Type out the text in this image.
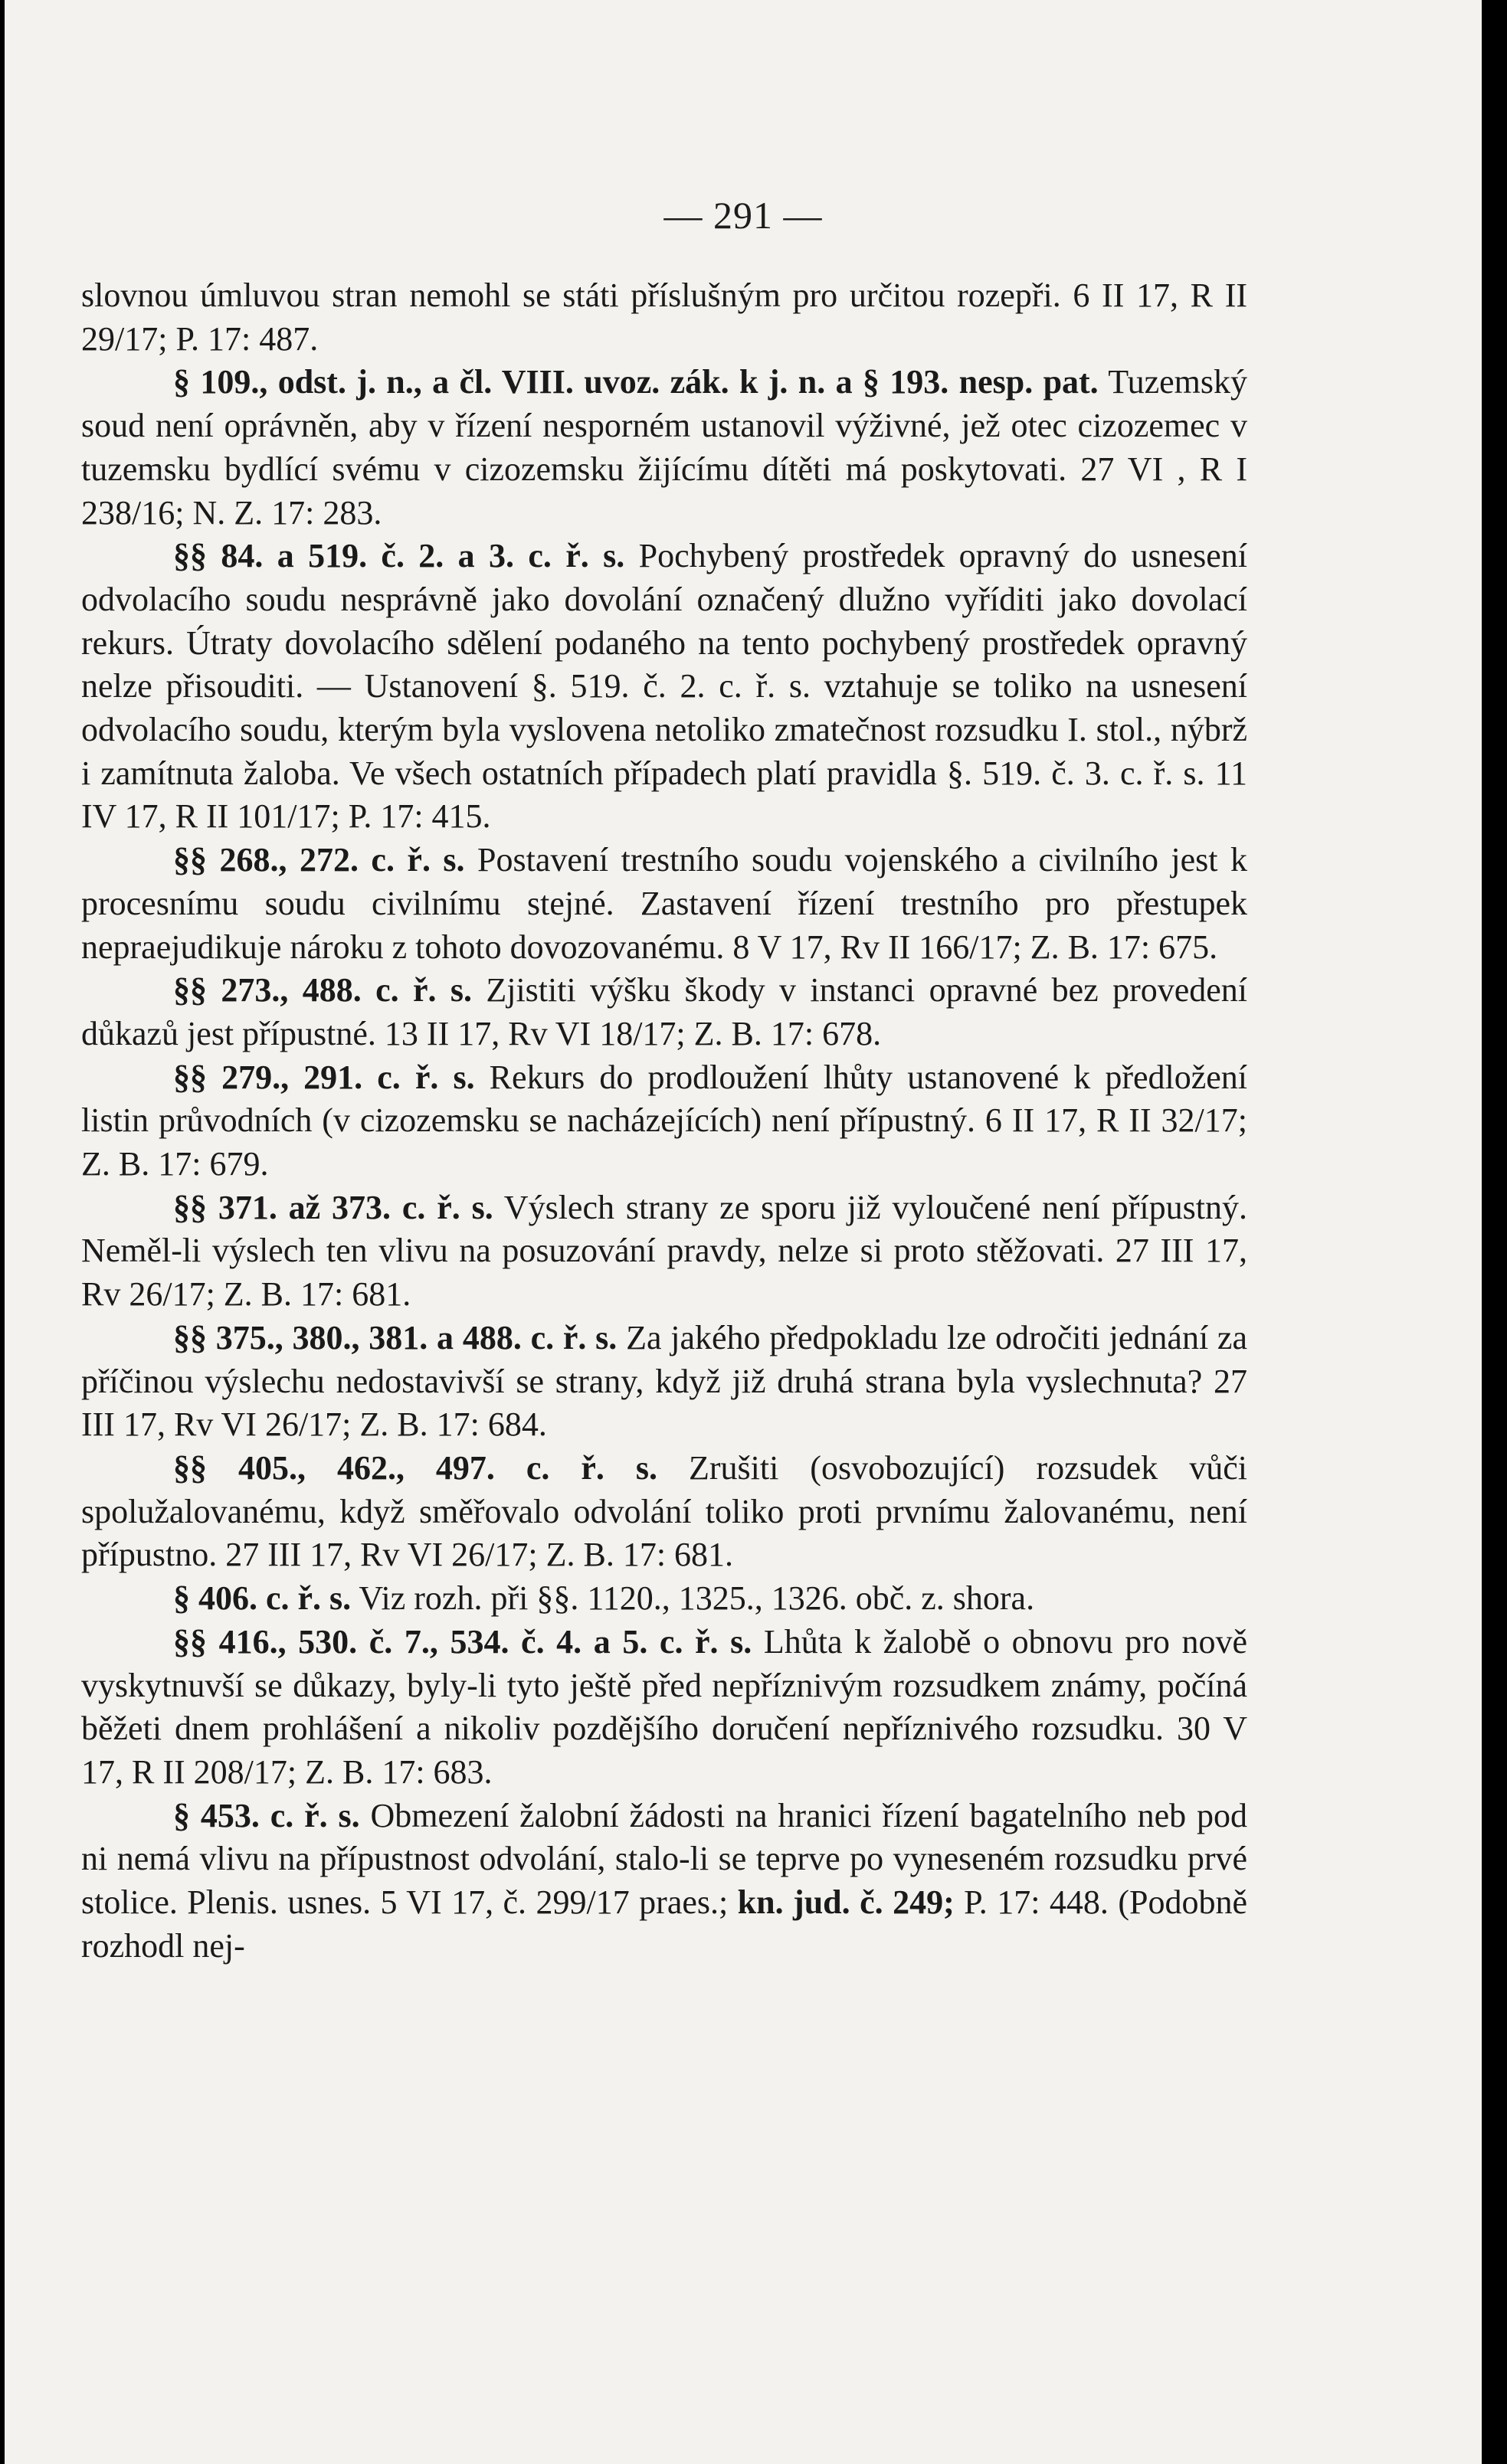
— 291 —

slovnou úmluvou stran nemohl se státi příslušným pro určitou rozepři. 6 II 17, R II 29/17; P. 17: 487.

§ 109., odst. j. n., a čl. VIII. uvoz. zák. k j. n. a § 193. nesp. pat. Tuzemský soud není oprávněn, aby v řízení nesporném ustanovil výživné, jež otec cizozemec v tuzemsku bydlící svému v cizozemsku žijícímu dítěti má poskytovati. 27 VI , R I 238/16; N. Z. 17: 283.

§§ 84. a 519. č. 2. a 3. c. ř. s. Pochybený prostředek opravný do usnesení odvolacího soudu nesprávně jako dovolání označený dlužno vyříditi jako dovolací rekurs. Útraty dovolacího sdělení podaného na tento pochybený prostředek opravný nelze přisouditi. — Ustanovení §. 519. č. 2. c. ř. s. vztahuje se toliko na usnesení odvolacího soudu, kterým byla vyslovena netoliko zmatečnost rozsudku I. stol., nýbrž i zamítnuta žaloba. Ve všech ostatních případech platí pravidla §. 519. č. 3. c. ř. s. 11 IV 17, R II 101/17; P. 17: 415.

§§ 268., 272. c. ř. s. Postavení trestního soudu vojenského a civilního jest k procesnímu soudu civilnímu stejné. Zastavení řízení trestního pro přestupek nepraejudikuje nároku z tohoto dovozovanému. 8 V 17, Rv II 166/17; Z. B. 17: 675.

§§ 273., 488. c. ř. s. Zjistiti výšku škody v instanci opravné bez provedení důkazů jest přípustné. 13 II 17, Rv VI 18/17; Z. B. 17: 678.

§§ 279., 291. c. ř. s. Rekurs do prodloužení lhůty ustanovené k předložení listin průvodních (v cizozemsku se nacházejících) není přípustný. 6 II 17, R II 32/17; Z. B. 17: 679.

§§ 371. až 373. c. ř. s. Výslech strany ze sporu již vyloučené není přípustný. Neměl-li výslech ten vlivu na posuzování pravdy, nelze si proto stěžovati. 27 III 17, Rv 26/17; Z. B. 17: 681.

§§ 375., 380., 381. a 488. c. ř. s. Za jakého předpokladu lze odročiti jednání za příčinou výslechu nedostavivší se strany, když již druhá strana byla vyslechnuta? 27 III 17, Rv VI 26/17; Z. B. 17: 684.

§§ 405., 462., 497. c. ř. s. Zrušiti (osvobozující) rozsudek vůči spolužalovanému, když směřovalo odvolání toliko proti prvnímu žalovanému, není přípustno. 27 III 17, Rv VI 26/17; Z. B. 17: 681.

§ 406. c. ř. s. Viz rozh. při §§. 1120., 1325., 1326. obč. z. shora.

§§ 416., 530. č. 7., 534. č. 4. a 5. c. ř. s. Lhůta k žalobě o obnovu pro nově vyskytnuvší se důkazy, byly-li tyto ještě před nepříznivým rozsudkem známy, počíná běžeti dnem prohlášení a nikoliv pozdějšího doručení nepříznivého rozsudku. 30 V 17, R II 208/17; Z. B. 17: 683.

§ 453. c. ř. s. Obmezení žalobní žádosti na hranici řízení bagatelního neb pod ni nemá vlivu na přípustnost odvolání, stalo-li se teprve po vyneseném rozsudku prvé stolice. Plenis. usnes. 5 VI 17, č. 299/17 praes.; kn. jud. č. 249; P. 17: 448. (Podobně rozhodl nej-
